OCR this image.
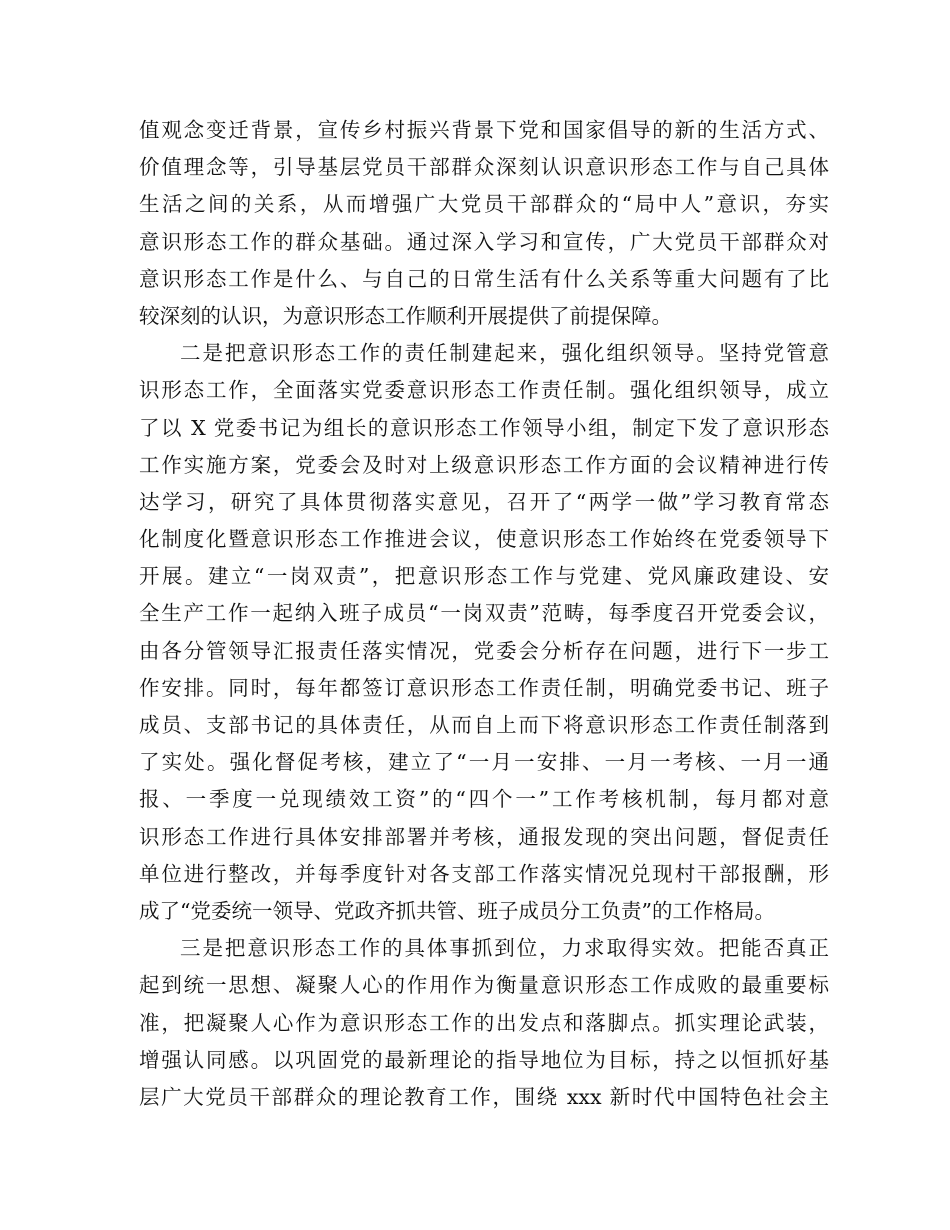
值观念变迁背景，宣传乡村振兴背景下党和国家倡导的新的生活方式、
价值理念等，引导基层党员干部群众深刻认识意识形态工作与自己具体
生活之间的关系，从而增强广大党员干部群众的“局中人”意识，夯实
意识形态工作的群众基础。通过深入学习和宣传，广大党员干部群众对
意识形态工作是什么、与自己的日常生活有什么关系等重大问题有了比
较深刻的认识，为意识形态工作顺利开展提供了前提保障。
二是把意识形态工作的责任制建起来，强化组织领导。坚持党管意
识形态工作，全面落实党委意识形态工作责任制。强化组织领导，成立
了以 X 党委书记为组长的意识形态工作领导小组，制定下发了意识形态
工作实施方案，党委会及时对上级意识形态工作方面的会议精神进行传
达学习，研究了具体贯彻落实意见，召开了“两学一做”学习教育常态
化制度化暨意识形态工作推进会议，使意识形态工作始终在党委领导下
开展。建立“一岗双责”，把意识形态工作与党建、党风廉政建设、安
全生产工作一起纳入班子成员“一岗双责”范畴，每季度召开党委会议，
由各分管领导汇报责任落实情况，党委会分析存在问题，进行下一步工
作安排。同时，每年都签订意识形态工作责任制，明确党委书记、班子
成员、支部书记的具体责任，从而自上而下将意识形态工作责任制落到
了实处。强化督促考核，建立了“一月一安排、一月一考核、一月一通
报、一季度一兑现绩效工资”的“四个一”工作考核机制，每月都对意
识形态工作进行具体安排部署并考核，通报发现的突出问题，督促责任
单位进行整改，并每季度针对各支部工作落实情况兑现村干部报酬，形
成了“党委统一领导、党政齐抓共管、班子成员分工负责”的工作格局。
三是把意识形态工作的具体事抓到位，力求取得实效。把能否真正
起到统一思想、凝聚人心的作用作为衡量意识形态工作成败的最重要标
准，把凝聚人心作为意识形态工作的出发点和落脚点。抓实理论武装，
增强认同感。以巩固党的最新理论的指导地位为目标，持之以恒抓好基
层广大党员干部群众的理论教育工作，围绕 xxx 新时代中国特色社会主
